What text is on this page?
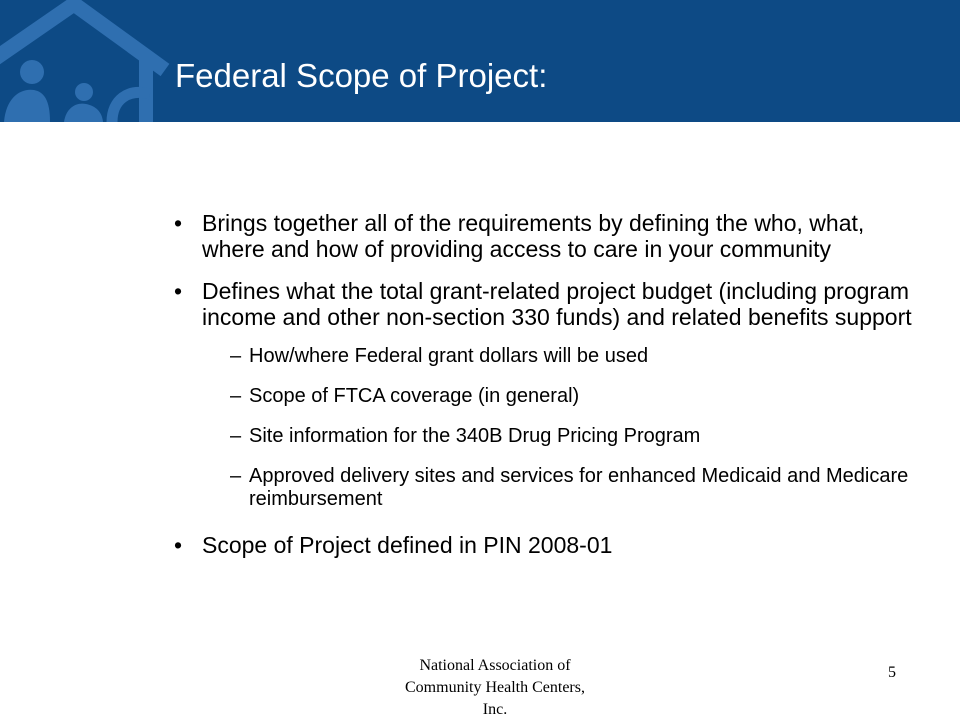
Federal Scope of Project:
• Brings together all of the requirements by defining the who, what, where and how of providing access to care in your community
• Defines what the total grant-related project budget (including program income and other non-section 330 funds) and related benefits support
– How/where Federal grant dollars will be used
– Scope of FTCA coverage (in general)
– Site information for the 340B Drug Pricing Program
– Approved delivery sites and services for enhanced Medicaid and Medicare reimbursement
• Scope of Project defined in PIN 2008-01

National Association of Community Health Centers, Inc.

5
